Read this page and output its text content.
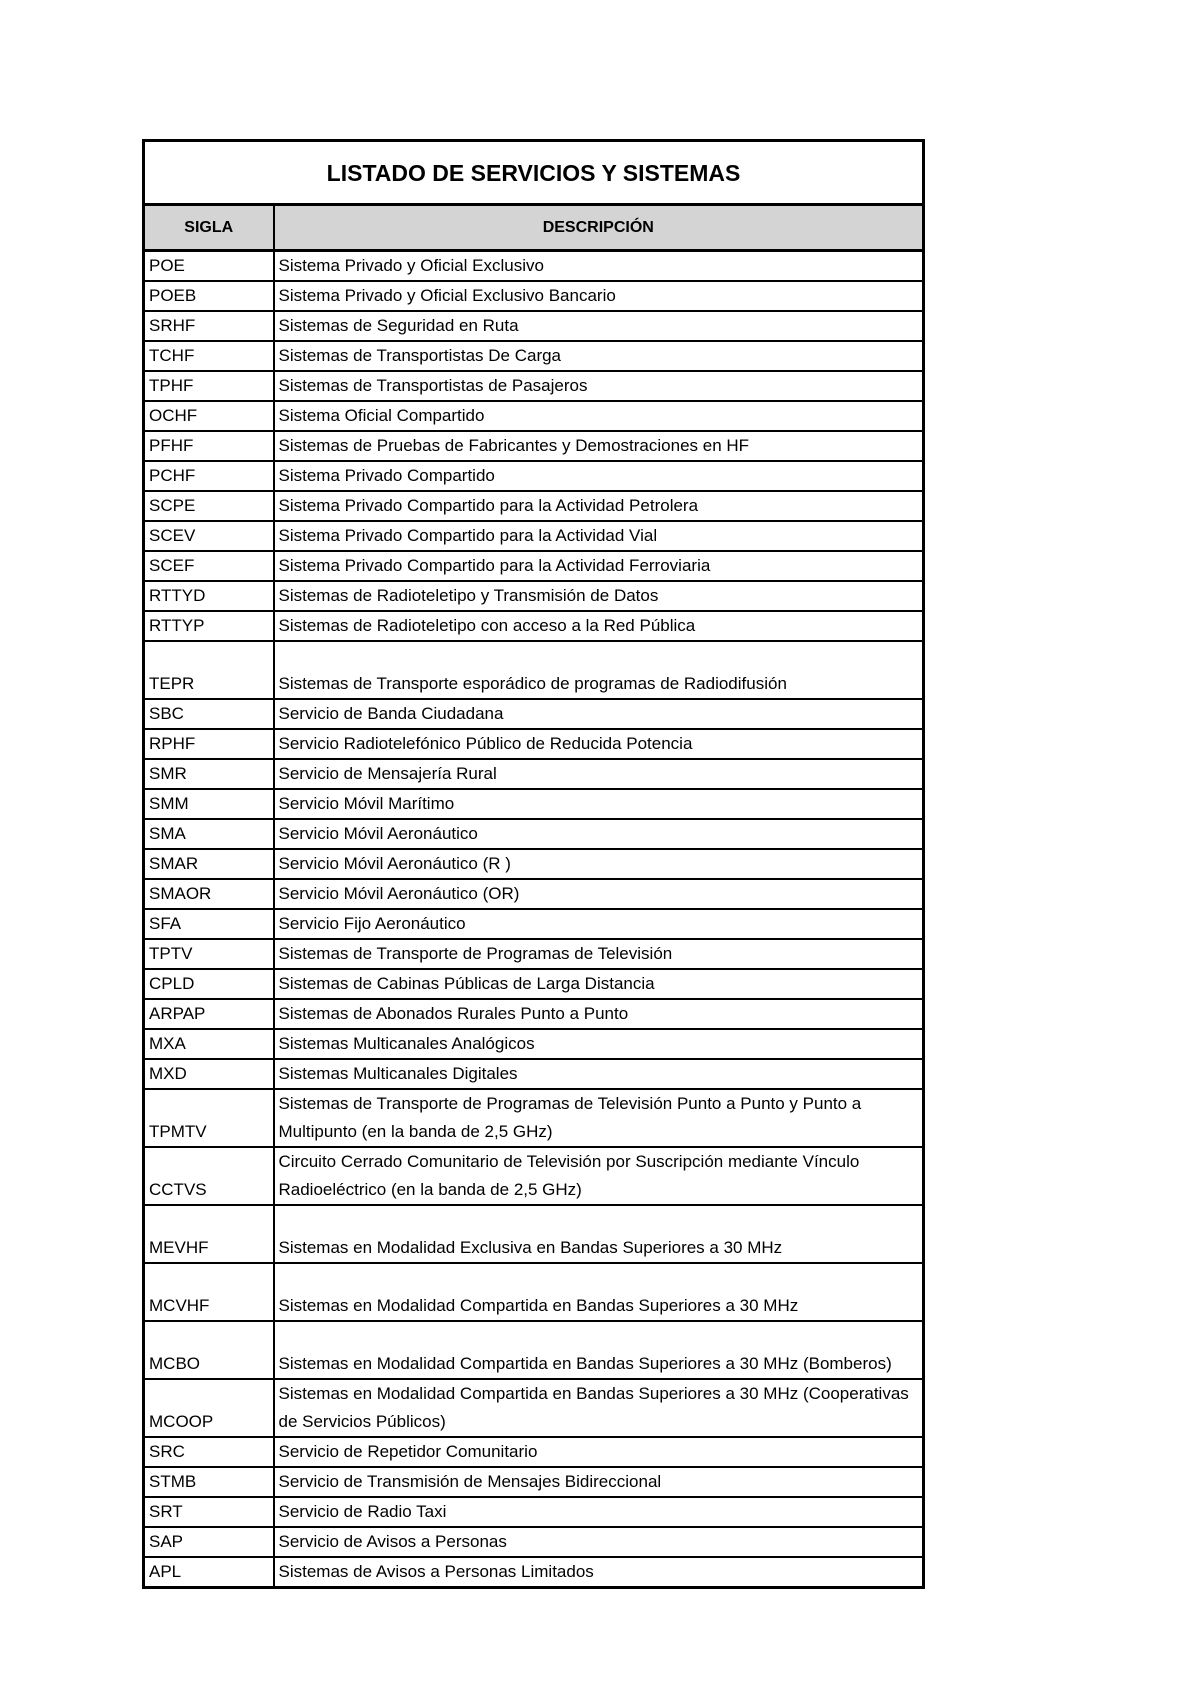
LISTADO DE SERVICIOS Y SISTEMAS	
SIGLA	DESCRIPCIÓN
POE	Sistema Privado y Oficial Exclusivo
POEB	Sistema Privado y Oficial Exclusivo Bancario
SRHF	Sistemas de Seguridad en Ruta
TCHF	Sistemas de Transportistas De Carga
TPHF	Sistemas de Transportistas de Pasajeros
OCHF	Sistema Oficial Compartido
PFHF	Sistemas de Pruebas de Fabricantes y Demostraciones en HF
PCHF	Sistema Privado Compartido
SCPE	Sistema Privado Compartido para la Actividad Petrolera
SCEV	Sistema Privado Compartido para la Actividad Vial
SCEF	Sistema Privado Compartido para la Actividad Ferroviaria
RTTYD	Sistemas de Radioteletipo y Transmisión de Datos
RTTYP	Sistemas de Radioteletipo con acceso a la Red Pública
TEPR	Sistemas de Transporte esporádico de programas de Radiodifusión
SBC	Servicio de Banda Ciudadana
RPHF	Servicio Radiotelefónico Público de Reducida Potencia
SMR	Servicio de Mensajería Rural
SMM	Servicio Móvil Marítimo
SMA	Servicio Móvil Aeronáutico
SMAR	Servicio Móvil Aeronáutico (R )
SMAOR	Servicio Móvil Aeronáutico (OR)
SFA	Servicio Fijo Aeronáutico
TPTV	Sistemas de Transporte de Programas de Televisión
CPLD	Sistemas de Cabinas Públicas de Larga Distancia
ARPAP	Sistemas de Abonados Rurales Punto a Punto
MXA	Sistemas Multicanales Analógicos
MXD	Sistemas Multicanales Digitales
TPMTV	Sistemas de Transporte de Programas de Televisión Punto a Punto y Punto a Multipunto (en la banda de 2,5 GHz)
CCTVS	Circuito Cerrado Comunitario de Televisión por Suscripción mediante Vínculo Radioeléctrico (en la banda de 2,5 GHz)
MEVHF	Sistemas en Modalidad Exclusiva en Bandas Superiores a 30 MHz
MCVHF	Sistemas en Modalidad Compartida en Bandas Superiores a 30 MHz
MCBO	Sistemas en Modalidad Compartida en Bandas Superiores a 30 MHz (Bomberos)
MCOOP	Sistemas en Modalidad Compartida en Bandas Superiores a 30 MHz (Cooperativas de Servicios Públicos)
SRC	Servicio de Repetidor Comunitario
STMB	Servicio de Transmisión de Mensajes Bidireccional
SRT	Servicio de Radio Taxi
SAP	Servicio de Avisos a Personas
APL	Sistemas de Avisos a Personas Limitados
